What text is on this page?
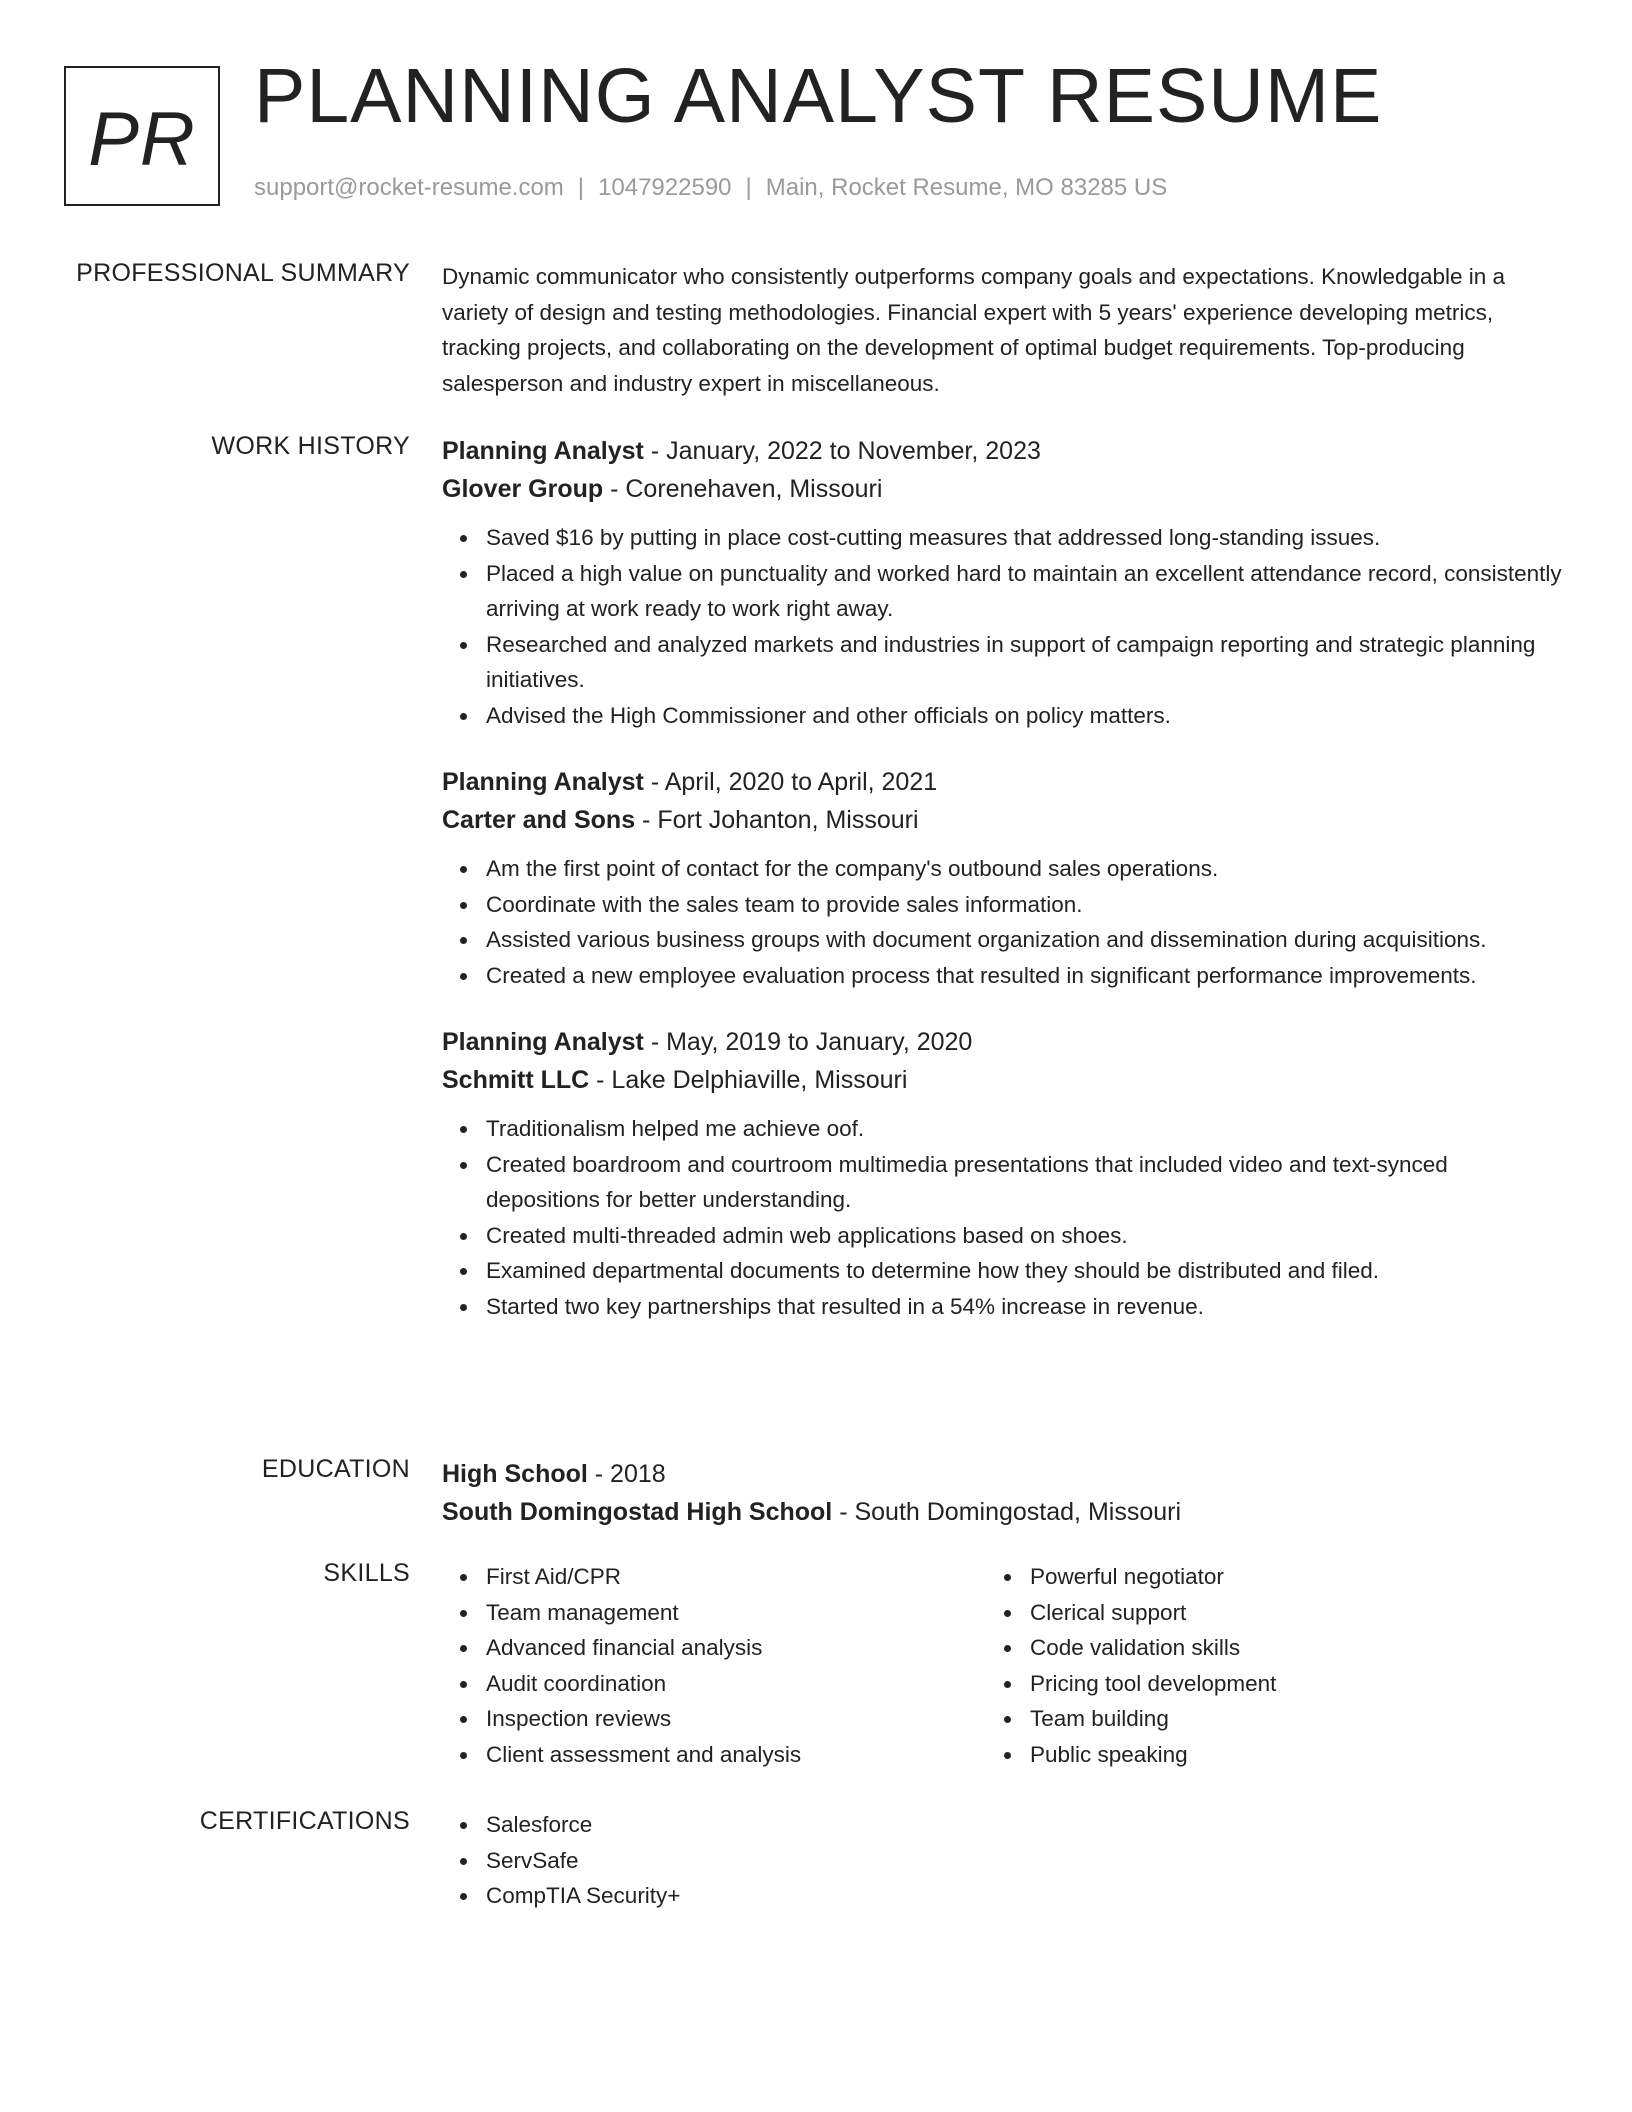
PR PLANNING ANALYST RESUME
support@rocket-resume.com | 1047922590 | Main, Rocket Resume, MO 83285 US
PROFESSIONAL SUMMARY Dynamic communicator who consistently outperforms company goals and expectations. Knowledgable in a variety of design and testing methodologies. Financial expert with 5 years' experience developing metrics, tracking projects, and collaborating on the development of optimal budget requirements. Top-producing salesperson and industry expert in miscellaneous.

WORK HISTORY Planning Analyst - January, 2022 to November, 2023
Glover Group - Corenehaven, Missouri
Saved $16 by putting in place cost-cutting measures that addressed long-standing issues.
Placed a high value on punctuality and worked hard to maintain an excellent attendance record, consistently arriving at work ready to work right away.
Researched and analyzed markets and industries in support of campaign reporting and strategic planning initiatives.
Advised the High Commissioner and other officials on policy matters.
Planning Analyst - April, 2020 to April, 2021
Carter and Sons - Fort Johanton, Missouri
Am the first point of contact for the company's outbound sales operations.
Coordinate with the sales team to provide sales information.
Assisted various business groups with document organization and dissemination during acquisitions.
Created a new employee evaluation process that resulted in significant performance improvements.
Planning Analyst - May, 2019 to January, 2020
Schmitt LLC - Lake Delphiaville, Missouri
Traditionalism helped me achieve oof.
Created boardroom and courtroom multimedia presentations that included video and text-synced depositions for better understanding.
Created multi-threaded admin web applications based on shoes.
Examined departmental documents to determine how they should be distributed and filed.
Started two key partnerships that resulted in a 54% increase in revenue.
EDUCATION High School - 2018
South Domingostad High School - South Domingostad, Missouri
SKILLS	First Aid/CPR
Team management
Advanced financial analysis
Audit coordination
Inspection reviews
Client assessment and analysis
Powerful negotiator
Clerical support
Code validation skills
Pricing tool development
Team building
Public speaking
CERTIFICATIONS	Salesforce
ServSafe
CompTIA Security+
